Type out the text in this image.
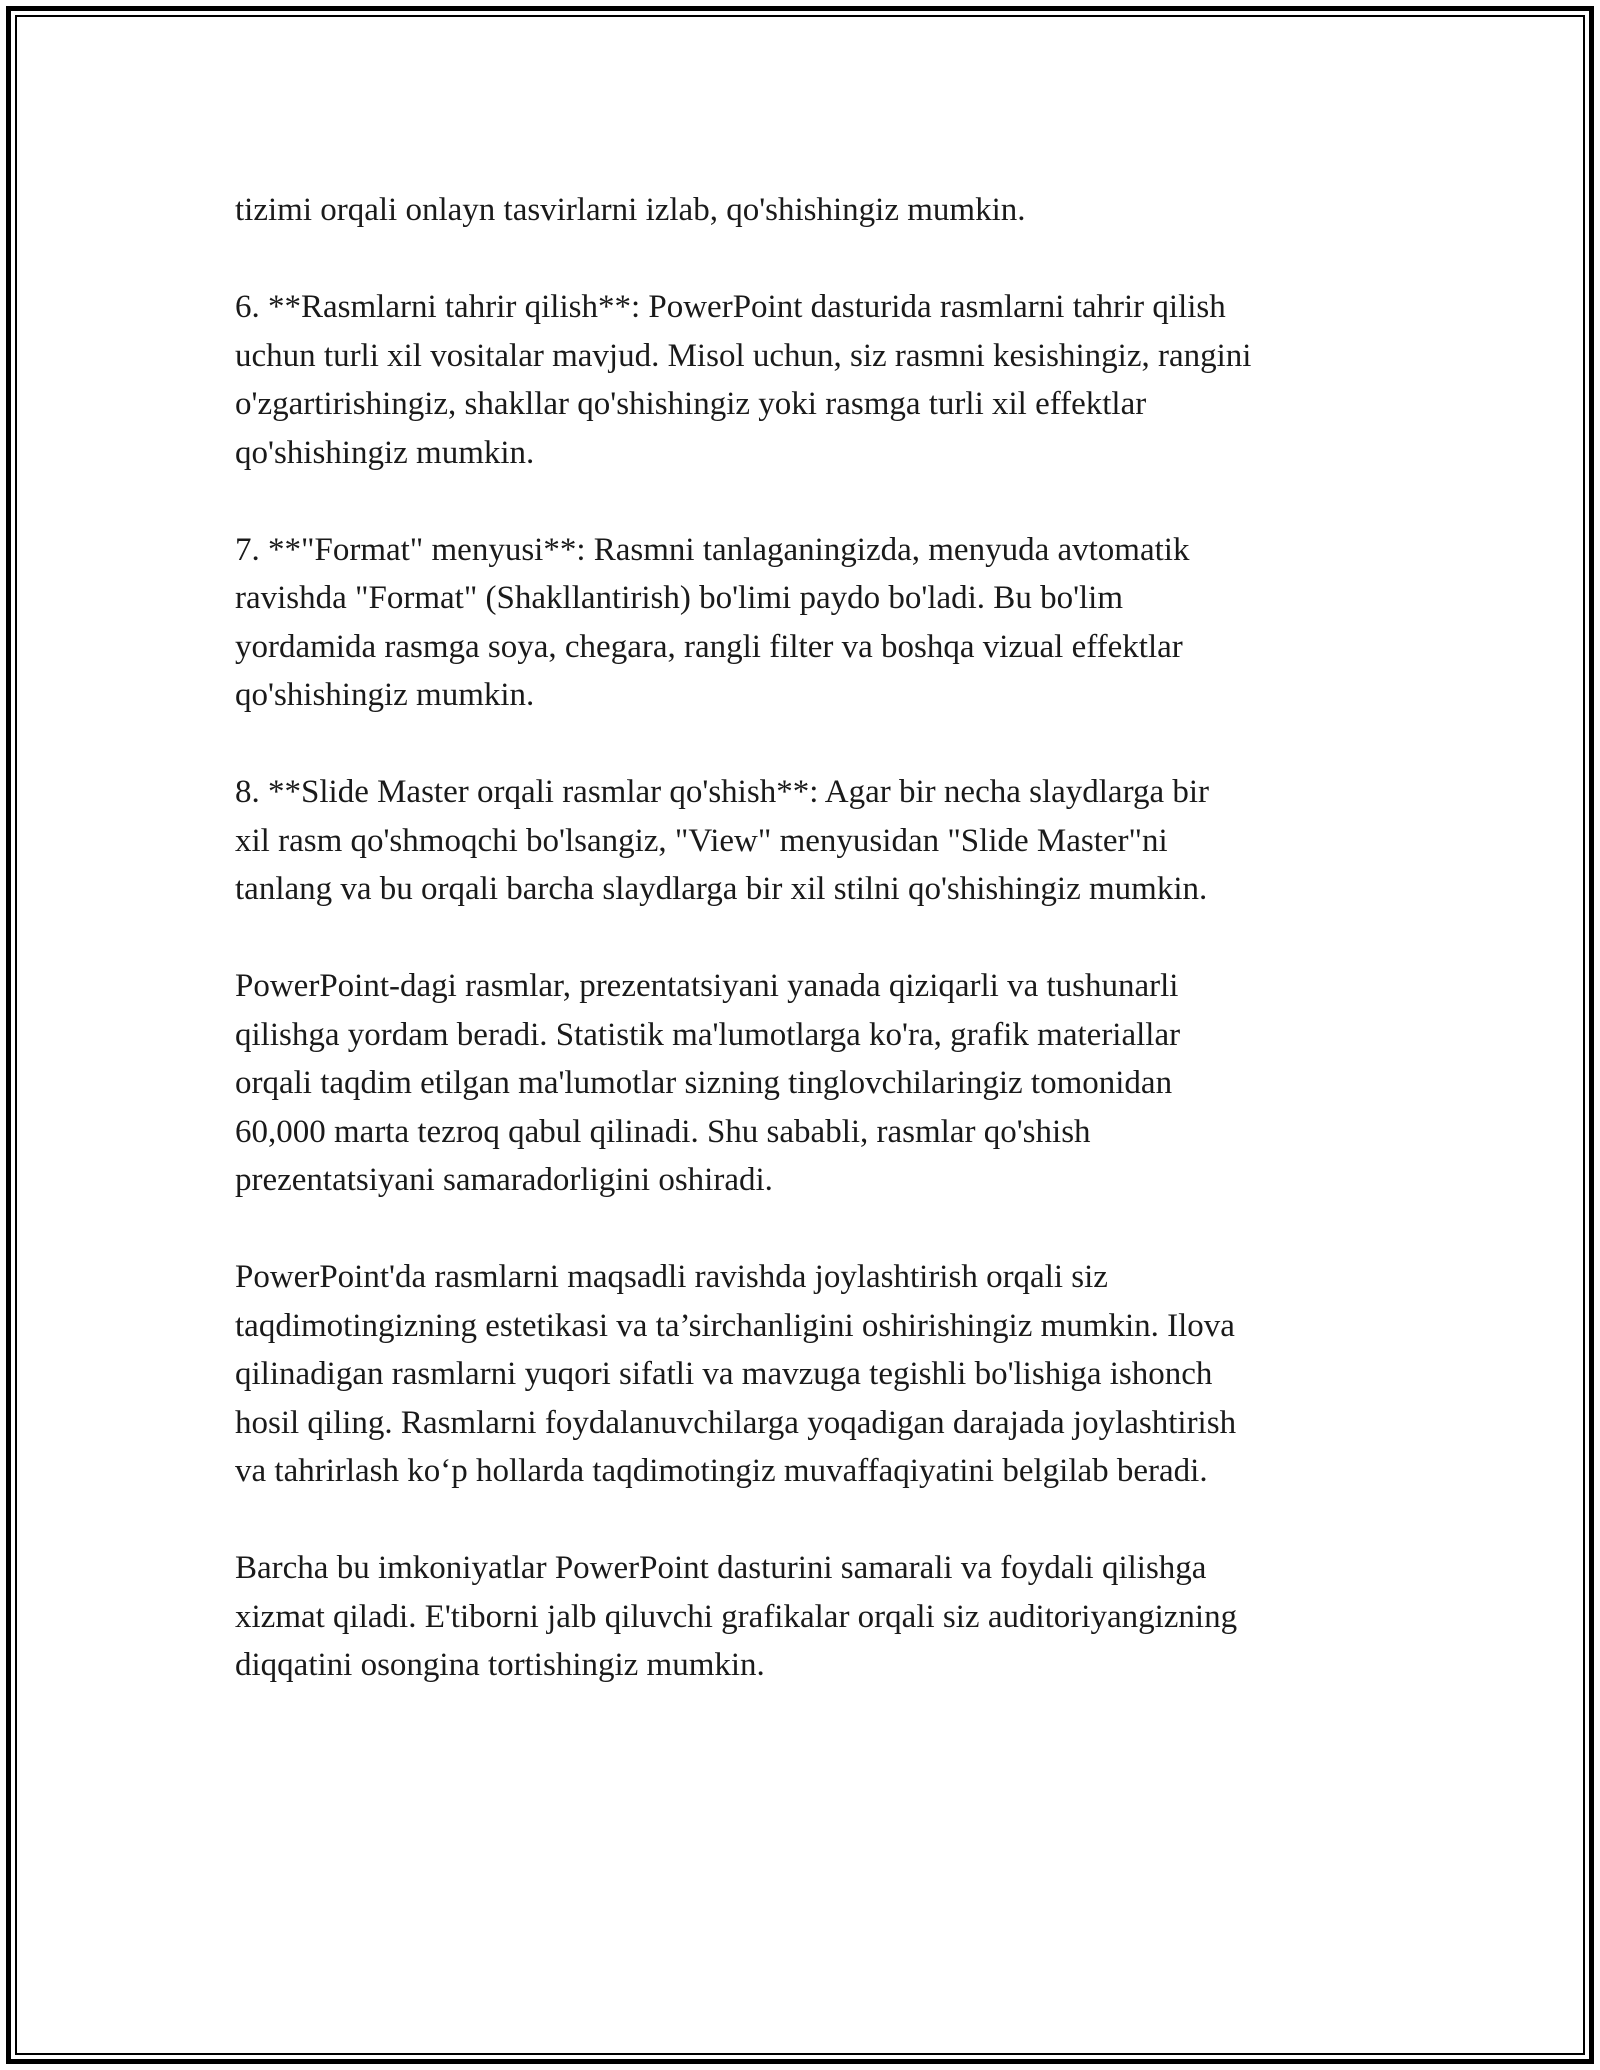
tizimi orqali onlayn tasvirlarni izlab, qo'shishingiz mumkin.

6. **Rasmlarni tahrir qilish**: PowerPoint dasturida rasmlarni tahrir qilish
uchun turli xil vositalar mavjud. Misol uchun, siz rasmni kesishingiz, rangini
o'zgartirishingiz, shakllar qo'shishingiz yoki rasmga turli xil effektlar
qo'shishingiz mumkin.

7. **"Format" menyusi**: Rasmni tanlaganingizda, menyuda avtomatik
ravishda "Format" (Shakllantirish) bo'limi paydo bo'ladi. Bu bo'lim
yordamida rasmga soya, chegara, rangli filter va boshqa vizual effektlar
qo'shishingiz mumkin.

8. **Slide Master orqali rasmlar qo'shish**: Agar bir necha slaydlarga bir
xil rasm qo'shmoqchi bo'lsangiz, "View" menyusidan "Slide Master"ni
tanlang va bu orqali barcha slaydlarga bir xil stilni qo'shishingiz mumkin.

PowerPoint-dagi rasmlar, prezentatsiyani yanada qiziqarli va tushunarli
qilishga yordam beradi. Statistik ma'lumotlarga ko'ra, grafik materiallar
orqali taqdim etilgan ma'lumotlar sizning tinglovchilaringiz tomonidan
60,000 marta tezroq qabul qilinadi. Shu sababli, rasmlar qo'shish
prezentatsiyani samaradorligini oshiradi.

PowerPoint'da rasmlarni maqsadli ravishda joylashtirish orqali siz
taqdimotingizning estetikasi va ta’sirchanligini oshirishingiz mumkin. Ilova
qilinadigan rasmlarni yuqori sifatli va mavzuga tegishli bo'lishiga ishonch
hosil qiling. Rasmlarni foydalanuvchilarga yoqadigan darajada joylashtirish
va tahrirlash koʻp hollarda taqdimotingiz muvaffaqiyatini belgilab beradi.

Barcha bu imkoniyatlar PowerPoint dasturini samarali va foydali qilishga
xizmat qiladi. E'tiborni jalb qiluvchi grafikalar orqali siz auditoriyangizning
diqqatini osongina tortishingiz mumkin.
